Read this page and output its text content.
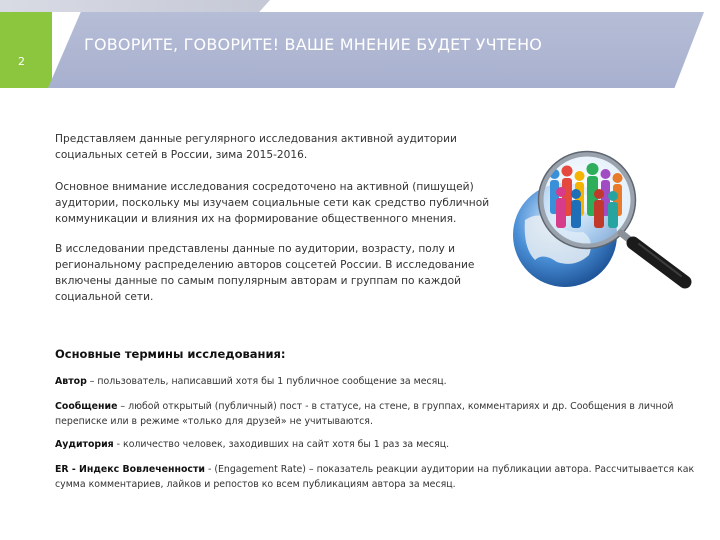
2
ГОВОРИТЕ, ГОВОРИТЕ! ВАШЕ МНЕНИЕ БУДЕТ УЧТЕНО
Представляем данные регулярного исследования активной аудитории социальных сетей в России, зима 2015-2016.
Основное внимание исследования сосредоточено на активной (пишущей) аудитории, поскольку мы изучаем социальные сети как средство публичной коммуникации и влияния их на формирование общественного мнения.
В исследовании представлены данные по аудитории, возрасту, полу и региональному распределению авторов соцсетей России. В исследование включены данные по самым популярным авторам и группам по каждой социальной сети.
Основные термины исследования:
Автор – пользователь, написавший хотя бы 1 публичное сообщение за месяц.
Сообщение – любой открытый (публичный) пост - в статусе, на стене, в группах, комментариях и др. Сообщения в личной переписке или в режиме «только для друзей» не учитываются.
Аудитория - количество человек, заходивших на сайт хотя бы 1 раз за месяц.
ER - Индекс Вовлеченности - (Engagement Rate) – показатель реакции аудитории на публикации автора. Рассчитывается как сумма комментариев, лайков и репостов ко всем публикациям автора за месяц.
